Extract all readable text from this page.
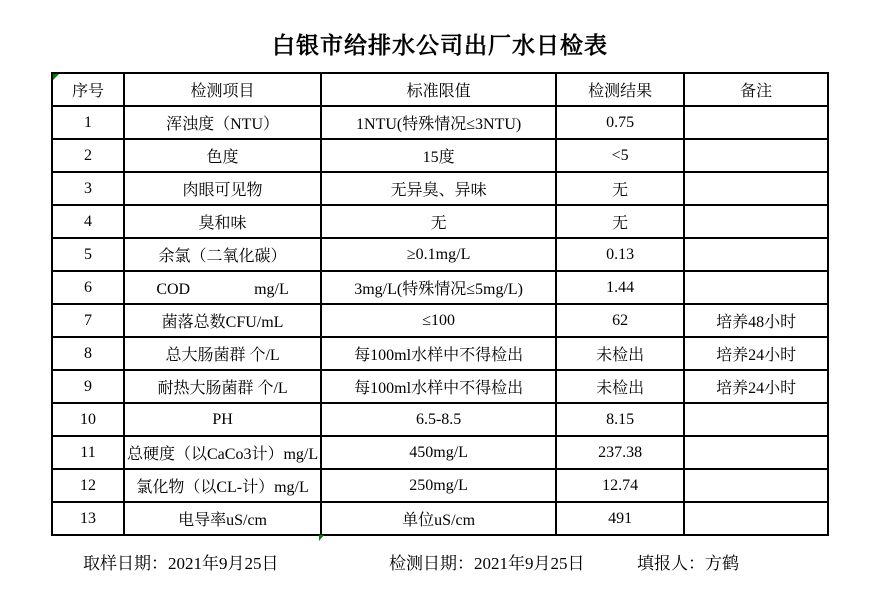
白银市给排水公司出厂水日检表
序号	检测项目	标准限值	检测结果	备注
1	浑浊度（NTU）	1NTU(特殊情况≤3NTU)	0.75	
2	色度	15度	<5	
3	肉眼可见物	无异臭、异味	无	
4	臭和味	无	无	
5	余氯（二氧化碳）	≥0.1mg/L	0.13	
6	COD　　　　mg/L	3mg/L(特殊情况≤5mg/L)	1.44	
7	菌落总数CFU/mL	≤100	62	培养48小时
8	总大肠菌群 个/L	每100ml水样中不得检出	未检出	培养24小时
9	耐热大肠菌群 个/L	每100ml水样中不得检出	未检出	培养24小时
10	PH	6.5-8.5	8.15	
11	总硬度（以CaCo3计）mg/L	450mg/L	237.38	
12	氯化物（以CL-计）mg/L	250mg/L	12.74	
13	电导率uS/cm	单位uS/cm	491	
取样日期：2021年9月25日	检测日期：2021年9月25日	填报人：方鹤
